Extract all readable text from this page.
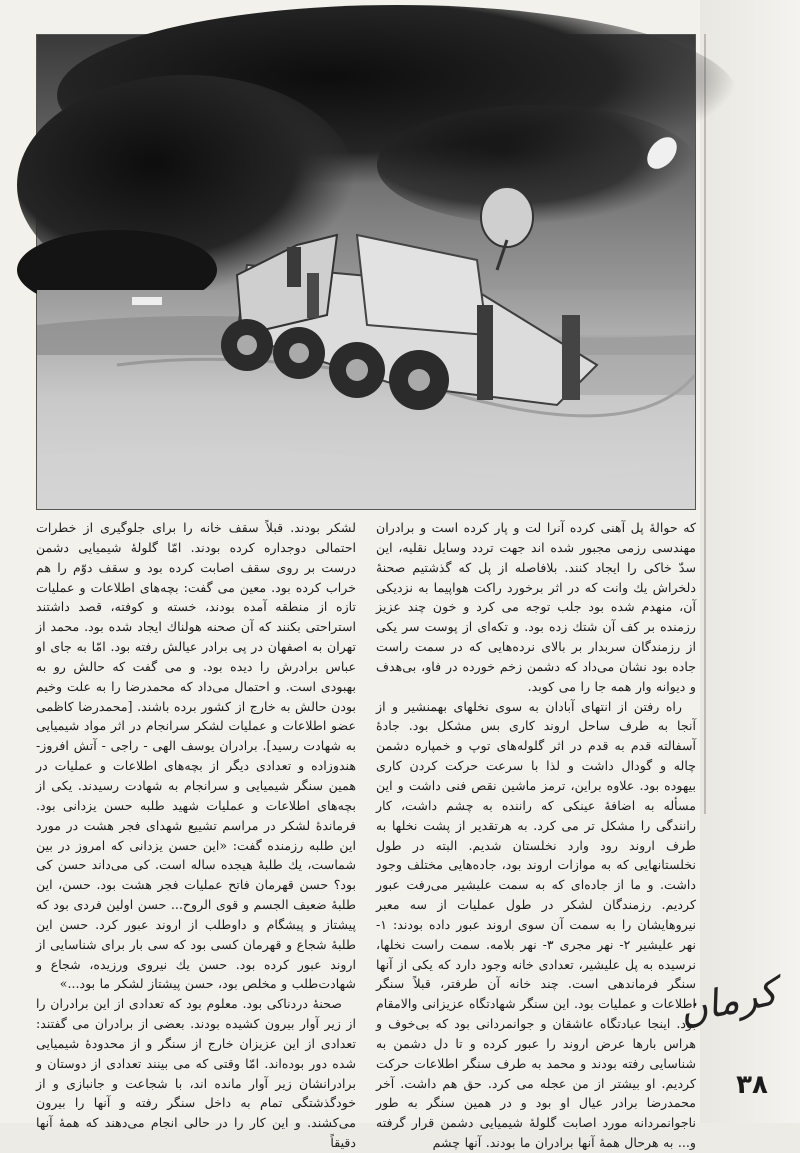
که حواله‌ٔ پل آهنی کرده آنرا لت و پار کرده است و برادران مهندسی رزمی مجبور شده اند جهت تردد وسایل نقلیه، این سدّ خاکی را ایجاد کنند. بلافاصله از پل که گذشتیم صحنهٔ دلخراش یك وانت که در اثر برخورد راکت هواپیما به نزدیکی آن، منهدم شده بود جلب توجه می کرد و خون چند عزیز رزمنده بر کف آن شتك زده بود. و تکه‌ای از پوست سر یکی از رزمندگان سربدار بر بالای نرده‌هایی که در سمت راست جاده بود نشان می‌داد که دشمن زخم خورده در فاو، بی‌هدف و دیوانه وار همه جا را می کوبد.

راه رفتن از انتهای آبادان به سوی نخلهای بهمنشیر و از آنجا به طرف ساحل اروند کاری بس مشکل بود. جادهٔ آسفالته قدم به قدم در اثر گلوله‌های توپ و خمپاره دشمن چاله و گودال داشت و لذا با سرعت حرکت کردن کاری بیهوده بود. علاوه براین، ترمز ماشین نقص فنی داشت و این مسأله به اضافهٔ عینکی که راننده به چشم داشت، کار رانندگی را مشکل تر می کرد. به هرتقدیر از پشت نخلها به طرف اروند رود وارد نخلستان شدیم. البته در طول نخلستانهایی که به موازات اروند بود، جاده‌هایی مختلف وجود داشت. و ما از جاده‌ای که به سمت علیشیر می‌رفت عبور کردیم. رزمندگان لشکر در طول عملیات از سه معبر نیروهایشان را به سمت آن سوی اروند عبور داده بودند: ۱- نهر علیشیر ۲- نهر مجری ۳- نهر بلامه. سمت راست نخلها، نرسیده به پل علیشیر، تعدادی خانه وجود دارد که یکی از آنها سنگر فرماندهی است. چند خانه آن طرفتر، قبلاً سنگر اطلاعات و عملیات بود. این سنگر شهادتگاه عزیزانی والامقام بود. اینجا عبادتگاه عاشقان و جوانمردانی بود که بی‌خوف و هراس بارها عرض اروند را عبور کرده و تا دل دشمن به شناسایی رفته بودند و محمد به طرف سنگر اطلاعات حرکت کردیم. او بیشتر از من عجله می کرد. حق هم داشت. آخر محمدرضا برادر عیال او بود و در همین سنگر به طور ناجوانمردانه مورد اصابت گلولهٔ شیمیایی دشمن قرار گرفته و... به هرحال همهٔ آنها برادران ما بودند. آنها چشم

لشکر بودند. قبلاً سقف خانه را برای جلوگیری از خطرات احتمالی دوجداره کرده بودند. امّا گلولهٔ شیمیایی دشمن درست بر روی سقف اصابت کرده بود و سقف دوّم را هم خراب کرده بود. معین می گفت: بچه‌های اطلاعات و عملیات تازه از منطقه آمده بودند، خسته و کوفته، قصد داشتند استراحتی بکنند که آن صحنه هولناك ایجاد شده بود. محمد از تهران به اصفهان در پی برادر عیالش رفته بود. امّا به جای او عباس برادرش را دیده بود. و می گفت که حالش رو به بهبودی است. و احتمال می‌داد که محمدرضا را به علت وخیم بودن حالش به خارج از کشور برده باشند. [محمدرضا کاظمی عضو اطلاعات و عملیات لشکر سرانجام در اثر مواد شیمیایی به شهادت رسید]. برادران یوسف الهی - راجی - آتش افروز- هندوزاده و تعدادی دیگر از بچه‌های اطلاعات و عملیات در همین سنگر شیمیایی و سرانجام به شهادت رسیدند. یکی از بچه‌های اطلاعات و عملیات شهید طلبه حسن یزدانی بود. فرماندهٔ لشکر در مراسم تشییع شهدای فجر هشت در مورد این طلبه رزمنده گفت: «این حسن یزدانی که امروز در بین شماست، یك طلبهٔ هیجده ساله است. کی می‌داند حسن کی بود؟ حسن قهرمان فاتح عملیات فجر هشت بود. حسن، این طلبهٔ ضعیف الجسم و قوی الروح... حسن اولین فردی بود که پیشتاز و پیشگام و داوطلب از اروند عبور کرد. حسن این طلبهٔ شجاع و قهرمان کسی بود که سی بار برای شناسایی از اروند عبور کرده بود. حسن یك نیروی ورزیده، شجاع و شهادت‌طلب و مخلص بود، حسن پیشتاز لشکر ما بود...»

صحنهٔ دردناکی بود. معلوم بود که تعدادی از این برادران را از زیر آوار بیرون کشیده بودند. بعضی از برادران می گفتند: تعدادی از این عزیزان خارج از سنگر و از محدودهٔ شیمیایی شده دور بوده‌اند. امّا وقتی که می بینند تعدادی از دوستان و برادرانشان زیر آوار مانده اند، با شجاعت و جانبازی و از خودگذشتگی تمام به داخل سنگر رفته و آنها را بیرون می‌کشند. و این کار را در حالی انجام می‌دهند که همهٔ آنها دقیقاً

کرمان
۳۸
